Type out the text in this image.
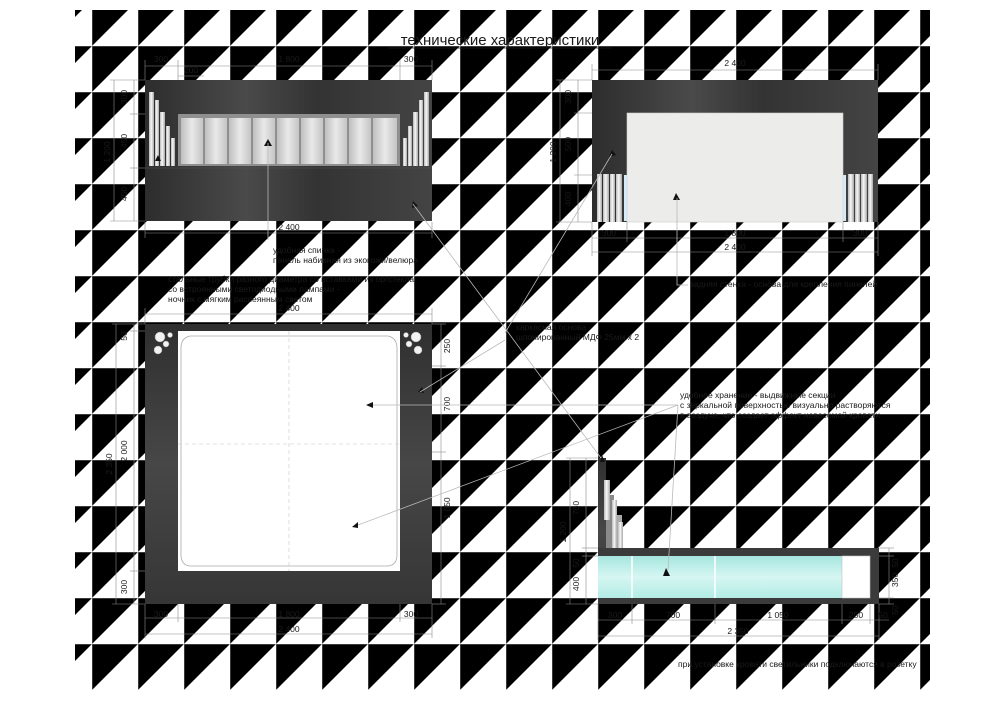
технические характеристики
300	1 800	300
200
300
450
450
1 200
2 400
2 400
300
500
400
1 200
300	1 800	300
2 400
2 400
50
2 000
300
2 350
250
700
1 050
300	1 800	300
2 400
750
50
400
1 200
50
350
50
300	700	1 050	250 50
2 350
удобная спинка -
панель набивная из экокожи/велюра
стальные трубки разного диаметра со вставками из оргстекла
со встроенными светодиодными лампами -
ночник с мягким рассеянным светом
задняя стенка - основа для крепления панелей
каркасная основа -
шпонированный МДФ 25мм х 2
удобное хранение - выдвижные секции
с зеркальной поверхностью визуально растворяются
в воздухе, что создает эффект невесомой кровати
при установке кровати светильники подключаются в розетку
